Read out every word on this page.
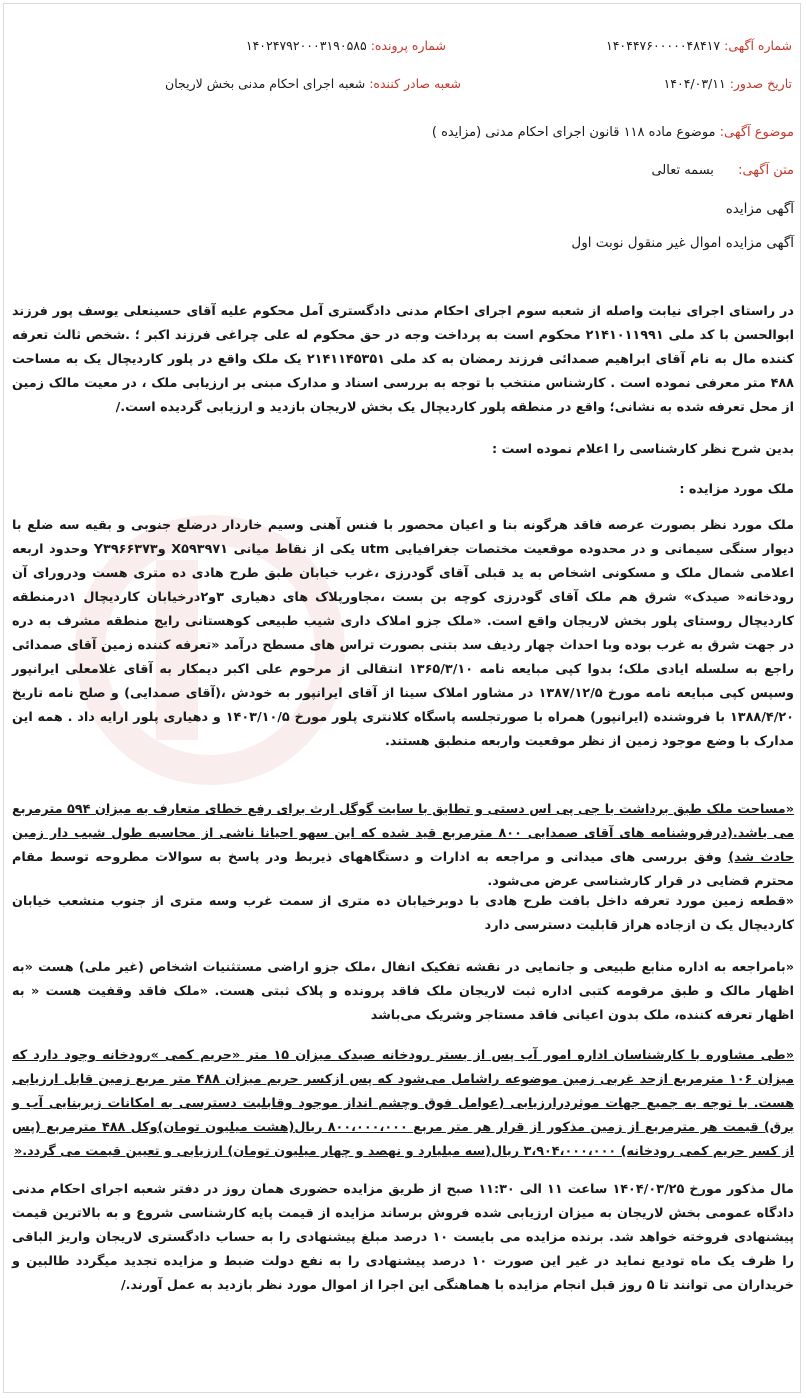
شماره آگهی: ۱۴۰۴۴۷۶۰۰۰۰۰۴۸۴۱۷
شماره پرونده: ۱۴۰۲۴۷۹۲۰۰۰۳۱۹۰۵۸۵
تاریخ صدور: ۱۴۰۴/۰۳/۱۱
شعبه صادر کننده: شعبه اجرای احکام مدنی بخش لاریجان
موضوع آگهی: موضوع ماده ۱۱۸ قانون اجرای احکام مدنی (مزایده )
متن آگهی: بسمه تعالی
آگهی مزایده
آگهی مزایده اموال غیر منقول نوبت اول

در راستای اجرای نیابت واصله از شعبه سوم اجرای احکام مدنی دادگستری آمل محکوم علیه آقای حسینعلی یوسف پور فرزند ابوالحسن با کد ملی ۲۱۴۱۰۱۱۹۹۱ محکوم است به پرداخت وجه در حق محکوم له علی چراغی فرزند اکبر ؛ .شخص ثالث تعرفه کننده مال به نام آقای ابراهیم صمدائی فرزند رمضان به کد ملی ۲۱۴۱۱۴۵۳۵۱ یک ملک واقع در پلور کاردیچال یک به مساحت ۴۸۸ متر معرفی نموده است . کارشناس منتخب با توجه به بررسی اسناد و مدارک مبنی بر ارزیابی ملک ، در معیت مالک زمین از محل تعرفه شده به نشانی؛ واقع در منطقه پلور کاردیچال یک بخش لاریجان بازدید و ارزیابی گردیده است./

بدین شرح نظر کارشناسی را اعلام نموده است :

ملک مورد مزایده :

ملک مورد نظر بصورت عرصه فاقد هرگونه بنا و اعیان محصور با فنس آهنی وسیم خاردار درضلع جنوبی و بقیه سه ضلع با دیوار سنگی سیمانی و در محدوده موقعیت مختصات جغرافیایی utm یکی از نقاط میانی X۵۹۳۹۷۱ وY۳۹۶۶۳۷۳ وحدود اربعه اعلامی شمال ملک و مسکونی اشخاص به ید قبلی آقای گودرزی ،غرب خیابان طبق طرح هادی ده متری هست ودرورای آن رودخانه« صیدک» شرق هم ملک آقای گودرزی کوچه بن بست ،مجاورپلاک های دهیاری ۳و۲درخیابان کاردیچال ۱درمنطقه کاردیچال روستای پلور بخش لاریجان واقع است. «ملک جزو املاک داری شیب طبیعی کوهستانی رایج منطقه مشرف به دره در جهت شرق به غرب بوده وبا احداث چهار ردیف سد بتنی بصورت تراس های مسطح درآمد «تعرفه کننده زمین آقای صمدائی راجع به سلسله ایادی ملک؛ بدوا کپی مبایعه نامه ۱۳۶۵/۳/۱۰ انتقالی از مرحوم علی اکبر دیمکار به آقای غلامعلی ایرانپور وسپس کپی مبایعه نامه مورخ ۱۳۸۷/۱۲/۵ در مشاور املاک سینا از آقای ایرانپور به خودش ،(آقای صمدایی) و صلح نامه تاریخ ۱۳۸۸/۴/۲۰ با فروشنده (ایرانپور) همراه با صورتجلسه پاسگاه کلانتری پلور مورخ ۱۴۰۳/۱۰/۵ و دهیاری پلور ارایه داد . همه این مدارک با وضع موجود زمین از نظر موقعیت واربعه منطبق هستند.

«مساحت ملک طبق برداشت با جی پی اس دستی و تطابق با سایت گوگل ارث برای رفع خطای متعارف به میزان ۵۹۴ مترمربع می باشد.(درفروشنامه های آقای صمدایی ۸۰۰ مترمربع قید شده که این سهو احیانا ناشی از محاسبه طول شیب دار زمین حادث شد) وفق بررسی های میدانی و مراجعه به ادارات و دستگاههای ذیربط ودر پاسخ به سوالات مطروحه توسط مقام محترم قضایی در قرار کارشناسی عرض می‌شود.

«قطعه زمین مورد تعرفه داخل بافت طرح هادی با دوبرخیابان ده متری از سمت غرب وسه متری از جنوب منشعب خیابان کاردیچال یک ن ازجاده هراز قابلیت دسترسی دارد

«بامراجعه به اداره منابع طبیعی و جانمایی در نقشه تفکیک انفال ،ملک جزو اراضی مستثنیات اشخاص (غیر ملی) هست «به اظهار مالک و طبق مرقومه کتبی اداره ثبت لاریجان ملک فاقد پرونده و پلاک ثبتی هست. «ملک فاقد وقفیت هست « به اظهار تعرفه کننده، ملک بدون اعیانی فاقد مستاجر وشریک می‌باشد

«طی مشاوره با کارشناسان اداره امور آب پس از بستر رودخانه صیدک میزان ۱۵ متر «حریم کمی »رودخانه وجود دارد که میزان ۱۰۶ مترمربع ازحد غربی زمین موضوعه راشامل می‌شود که پس ازکسر حریم میزان ۴۸۸ متر مربع زمین قابل ارزیابی هست. با توجه به جمیع جهات موثردرارزیابی (عوامل فوق وچشم انداز موجود وقابلیت دسترسی به امکانات زیربنایی آب و برق) قیمت هر مترمربع از زمین مذکور از قرار هر متر مربع ۸۰۰،۰۰۰،۰۰۰ ریال(هشت میلیون تومان)وکل ۴۸۸ مترمربع (پس از کسر حریم کمی رودخانه) ۳،۹۰۴،۰۰۰،۰۰۰ ریال(سه میلیارد و نهصد و چهار میلیون تومان) ارزیابی و تعیین قیمت می گردد.«

مال مذکور مورخ ۱۴۰۴/۰۳/۲۵ ساعت ۱۱ الی ۱۱:۳۰ صبح از طریق مزایده حضوری همان روز در دفتر شعبه اجرای احکام مدنی دادگاه عمومی بخش لاریجان به میزان ارزیابی شده فروش برساند مزایده از قیمت پایه کارشناسی شروع و به بالاترین قیمت پیشنهادی فروخته خواهد شد. برنده مزایده می بایست ۱۰ درصد مبلغ پیشنهادی را به حساب دادگستری لاریجان واریز الباقی را ظرف یک ماه تودیع نماید در غیر این صورت ۱۰ درصد پیشنهادی را به نفع دولت ضبط و مزایده تجدید میگردد طالبین و خریداران می توانند تا ۵ روز قبل انجام مزایده با هماهنگی این اجرا از اموال مورد نظر بازدید به عمل آورند./
